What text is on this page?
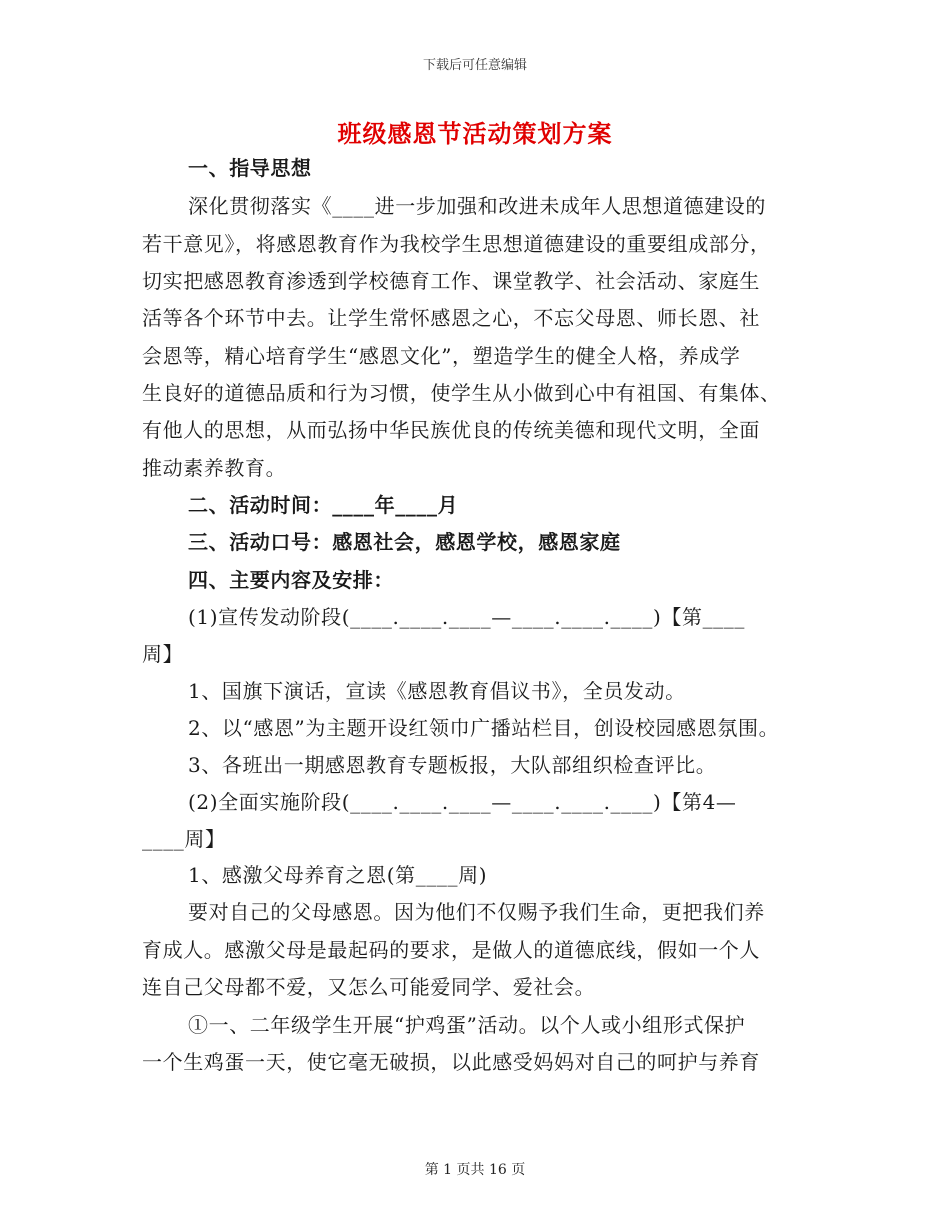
下载后可任意编辑
班级感恩节活动策划方案
一、指导思想
深化贯彻落实《____进一步加强和改进未成年人思想道德建设的
若干意见》，将感恩教育作为我校学生思想道德建设的重要组成部分，
切实把感恩教育渗透到学校德育工作、课堂教学、社会活动、家庭生
活等各个环节中去。让学生常怀感恩之心，不忘父母恩、师长恩、社
会恩等，精心培育学生“感恩文化”，塑造学生的健全人格，养成学
生良好的道德品质和行为习惯，使学生从小做到心中有祖国、有集体、
有他人的思想，从而弘扬中华民族优良的传统美德和现代文明，全面
推动素养教育。
二、活动时间：____年____月
三、活动口号：感恩社会，感恩学校，感恩家庭
四、主要内容及安排：
(1)宣传发动阶段(____.____.____—____.____.____)【第____
周】
1、国旗下演话，宣读《感恩教育倡议书》，全员发动。
2、以“感恩”为主题开设红领巾广播站栏目，创设校园感恩氛围。
3、各班出一期感恩教育专题板报，大队部组织检查评比。
(2)全面实施阶段(____.____.____—____.____.____)【第4—
____周】
1、感激父母养育之恩(第____周)
要对自己的父母感恩。因为他们不仅赐予我们生命，更把我们养
育成人。感激父母是最起码的要求，是做人的道德底线，假如一个人
连自己父母都不爱，又怎么可能爱同学、爱社会。
①一、二年级学生开展“护鸡蛋”活动。以个人或小组形式保护
一个生鸡蛋一天，使它毫无破损，以此感受妈妈对自己的呵护与养育
第 1 页共 16 页
